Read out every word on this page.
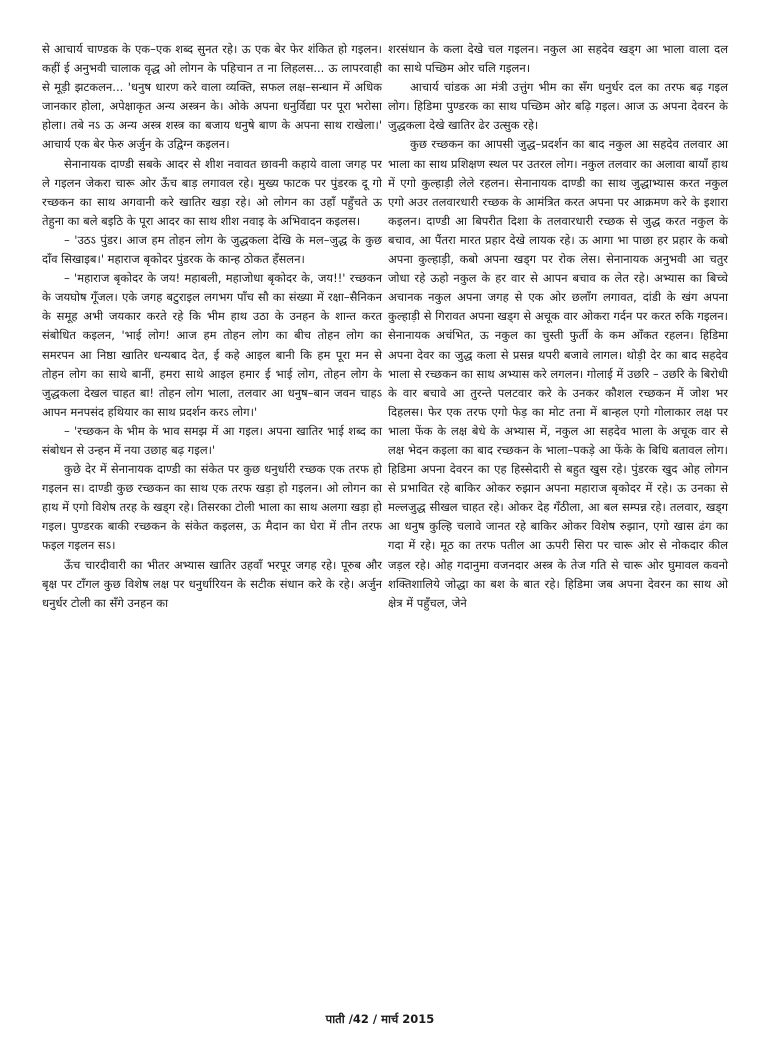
से आचार्य चाण्डक के एक–एक शब्द सुनत रहे। ऊ एक बेर फेर शंकित हो गइलन। कहीं ई अनुभवी चालाक वृद्ध ओ लोगन के पहिचान त ना लिहलस... ऊ लापरवाही से मूड़ी झटकलन... 'धनुष धारण करे वाला व्यक्ति, सफल लक्ष–सन्धान में अधिक जानकार होला, अपेक्षाकृत अन्य अस्त्रन के। ओके अपना धनुर्विद्या पर पूरा भरोसा होला। तबे नऽ ऊ अन्य अस्त्र शस्त्र का बजाय धनुषे बाण के अपना साथ राखेला।' आचार्य एक बेर फेरु अर्जुन के उद्विग्न कइलन।

सेनानायक दाण्डी सबके आदर से शीश नवावत छावनी कहाये वाला जगह पर ले गइलन जेकरा चारू ओर ऊँच बाड़ लगावल रहे। मुख्य फाटक पर पुंडरक दू गो रच्छकन का साथ अगवानी करे खातिर खड़ा रहे। ओ लोगन का उहाँ पहुँचते ऊ तेहुना का बले बइठि के पूरा आदर का साथ शीश नवाइ के अभिवादन कइलस।

– 'उठऽ पुंडर। आज हम तोहन लोग के जुद्धकला देखि के मल–जुद्ध के कुछ दाँव सिखाइब।' महाराज बृकोदर पुंडरक के कान्ह ठोकत हँसलन।

– 'महाराज बृकोदर के जय! महाबली, महाजोधा बृकोदर के, जय!!' रच्छकन के जयघोष गूँजल। एके जगह बटुराइल लगभग पाँच सौ का संख्या में रक्षा–सैनिकन के समूह अभी जयकार करते रहे कि भीम हाथ उठा के उनहन के शान्त करत संबोधित कइलन, 'भाई लोग! आज हम तोहन लोग का बीच तोहन लोग का समरपन आ निष्ठा खातिर धन्यबाद देत, ई कहे आइल बानी कि हम पूरा मन से तोहन लोग का साथे बानीं, हमरा साथे आइल हमार ई भाई लोग, तोहन लोग के जुद्धकला देखल चाहत बा! तोहन लोग भाला, तलवार आ धनुष–बान जवन चाहऽ आपन मनपसंद हथियार का साथ प्रदर्शन करऽ लोग।'

– 'रच्छकन के भीम के भाव समझ में आ गइल। अपना खातिर भाई शब्द का संबोधन से उन्हन में नया उछाह बढ़ गइल।'

कुछे देर में सेनानायक दाण्डी का संकेत पर कुछ धनुर्धारी रच्छक एक तरफ हो गइलन स। दाण्डी कुछ रच्छकन का साथ एक तरफ खड़ा हो गइलन। ओ लोगन का हाथ में एगो विशेष तरह के खड्ग रहे। तिसरका टोली भाला का साथ अलगा खड़ा हो गइल। पुण्डरक बाकी रच्छकन के संकेत कइलस, ऊ मैदान का घेरा में तीन तरफ फइल गइलन सऽ।

ऊँच चारदीवारी का भीतर अभ्यास खातिर उहवाँ भरपूर जगह रहे। पूरुब और बृक्ष पर टाँगल कुछ विशेष लक्ष पर धनुर्धारियन के सटीक संधान करे के रहे। अर्जुन धनुर्धर टोली का सँगे उनहन का

शरसंधान के कला देखे चल गइलन। नकुल आ सहदेव खड्ग आ भाला वाला दल का साथे पच्छिम ओर चलि गइलन।

आचार्य चांडक आ मंत्री उत्तुंग भीम का सँग धनुर्धर दल का तरफ बढ़ गइल लोग। हिडिमा पुण्डरक का साथ पच्छिम ओर बढ़ि गइल। आज ऊ अपना देवरन के जुद्धकला देखे खातिर ढेर उत्सुक रहे।

कुछ रच्छकन का आपसी जुद्ध–प्रदर्शन का बाद नकुल आ सहदेव तलवार आ भाला का साथ प्रशिक्षण स्थल पर उतरल लोग। नकुल तलवार का अलावा बायाँ हाथ में एगो कुल्हाड़ी लेले रहलन। सेनानायक दाण्डी का साथ जुद्धाभ्यास करत नकुल एगो अउर तलवारधारी रच्छक के आमंत्रित करत अपना पर आक्रमण करे के इशारा कइलन। दाण्डी आ बिपरीत दिशा के तलवारधारी रच्छक से जुद्ध करत नकुल के बचाव, आ पैंतरा मारत प्रहार देखे लायक रहे। ऊ आगा भा पाछा हर प्रहार के कबो अपना कुल्हाड़ी, कबो अपना खड्ग पर रोक लेस। सेनानायक अनुभवी आ चतुर जोधा रहे ऊहो नकुल के हर वार से आपन बचाव क लेत रहे। अभ्यास का बिच्चे अचानक नकुल अपना जगह से एक ओर छलाँग लगावत, दांडी के खंग अपना कुल्हाड़ी से गिरावत अपना खड्ग से अचूक वार ओकरा गर्दन पर करत रुकि गइलन। सेनानायक अचंभित, ऊ नकुल का चुस्ती फुर्ती के कम आँकत रहलन। हिडिमा अपना देवर का जुद्ध कला से प्रसन्न थपरी बजावे लागल। थोड़ी देर का बाद सहदेव भाला से रच्छकन का साथ अभ्यास करे लगलन। गोलाई में उछरि – उछरि के बिरोधी के वार बचावे आ तुरन्ते पलटवार करे के उनकर कौशल रच्छकन में जोश भर दिहलस। फेर एक तरफ एगो फेड़ का मोट तना में बान्हल एगो गोलाकार लक्ष पर भाला फेंक के लक्ष बेधे के अभ्यास में, नकुल आ सहदेव भाला के अचूक वार से लक्ष भेदन कइला का बाद रच्छकन के भाला–पकड़े आ फेंके के बिधि बतावल लोग। हिडिमा अपना देवरन का एह हिस्सेदारी से बहुत खुस रहे। पुंडरक खुद ओह लोगन से प्रभावित रहे बाकिर ओकर रुझान अपना महाराज बृकोदर में रहे। ऊ उनका से मल्लजुद्ध सीखल चाहत रहे। ओकर देह गँठीला, आ बल सम्पन्न रहे। तलवार, खड्ग आ धनुष कुल्हि चलावे जानत रहे बाकिर ओकर विशेष रुझान, एगो खास ढंग का गदा में रहे। मूठ का तरफ पतील आ ऊपरी सिरा पर चारू ओर से नोकदार कील जड़ल रहे। ओह गदानुमा वजनदार अस्त्र के तेज गति से चारू ओर घुमावल कवनो शक्तिशालिये जोद्धा का बश के बात रहे। हिडिमा जब अपना देवरन का साथ ओ क्षेत्र में पहुँचल, जेने

पाती /42 / मार्च 2015
